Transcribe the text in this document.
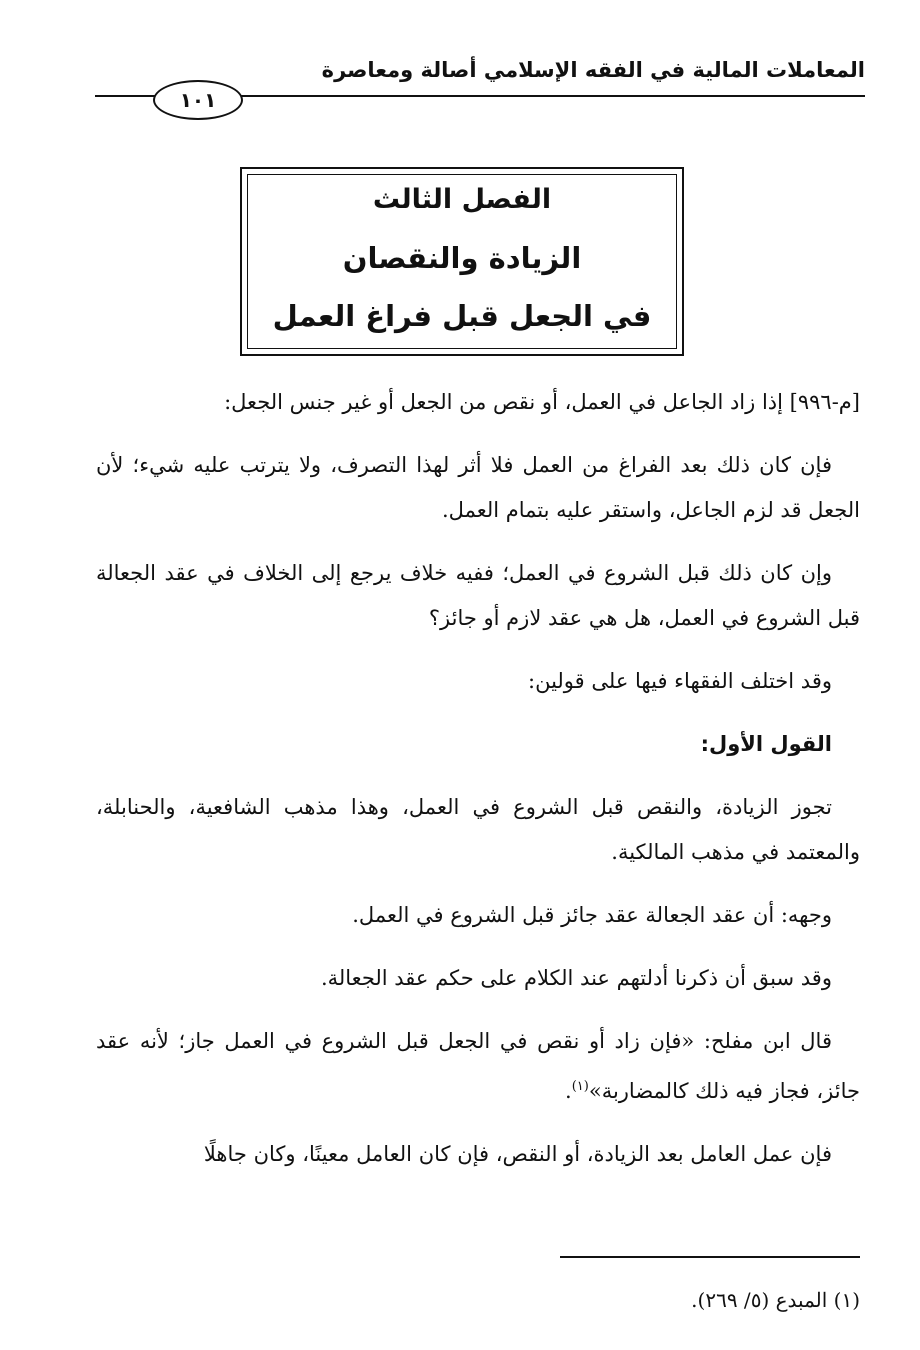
المعاملات المالية في الفقه الإسلامي أصالة ومعاصرة
١٠١
الفصل الثالث
الزيادة والنقصان
في الجعل قبل فراغ العمل

[م-٩٩٦] إذا زاد الجاعل في العمل، أو نقص من الجعل أو غير جنس الجعل:

فإن كان ذلك بعد الفراغ من العمل فلا أثر لهذا التصرف، ولا يترتب عليه شيء؛ لأن الجعل قد لزم الجاعل، واستقر عليه بتمام العمل.

وإن كان ذلك قبل الشروع في العمل؛ ففيه خلاف يرجع إلى الخلاف في عقد الجعالة قبل الشروع في العمل، هل هي عقد لازم أو جائز؟

وقد اختلف الفقهاء فيها على قولين:

القول الأول:

تجوز الزيادة، والنقص قبل الشروع في العمل، وهذا مذهب الشافعية، والحنابلة، والمعتمد في مذهب المالكية.

وجهه: أن عقد الجعالة عقد جائز قبل الشروع في العمل.

وقد سبق أن ذكرنا أدلتهم عند الكلام على حكم عقد الجعالة.

قال ابن مفلح: «فإن زاد أو نقص في الجعل قبل الشروع في العمل جاز؛ لأنه عقد جائز، فجاز فيه ذلك كالمضاربة»$^{(١)}$.

فإن عمل العامل بعد الزيادة، أو النقص، فإن كان العامل معينًا، وكان جاهلًا

(١) المبدع (٥/ ٢٦٩).
